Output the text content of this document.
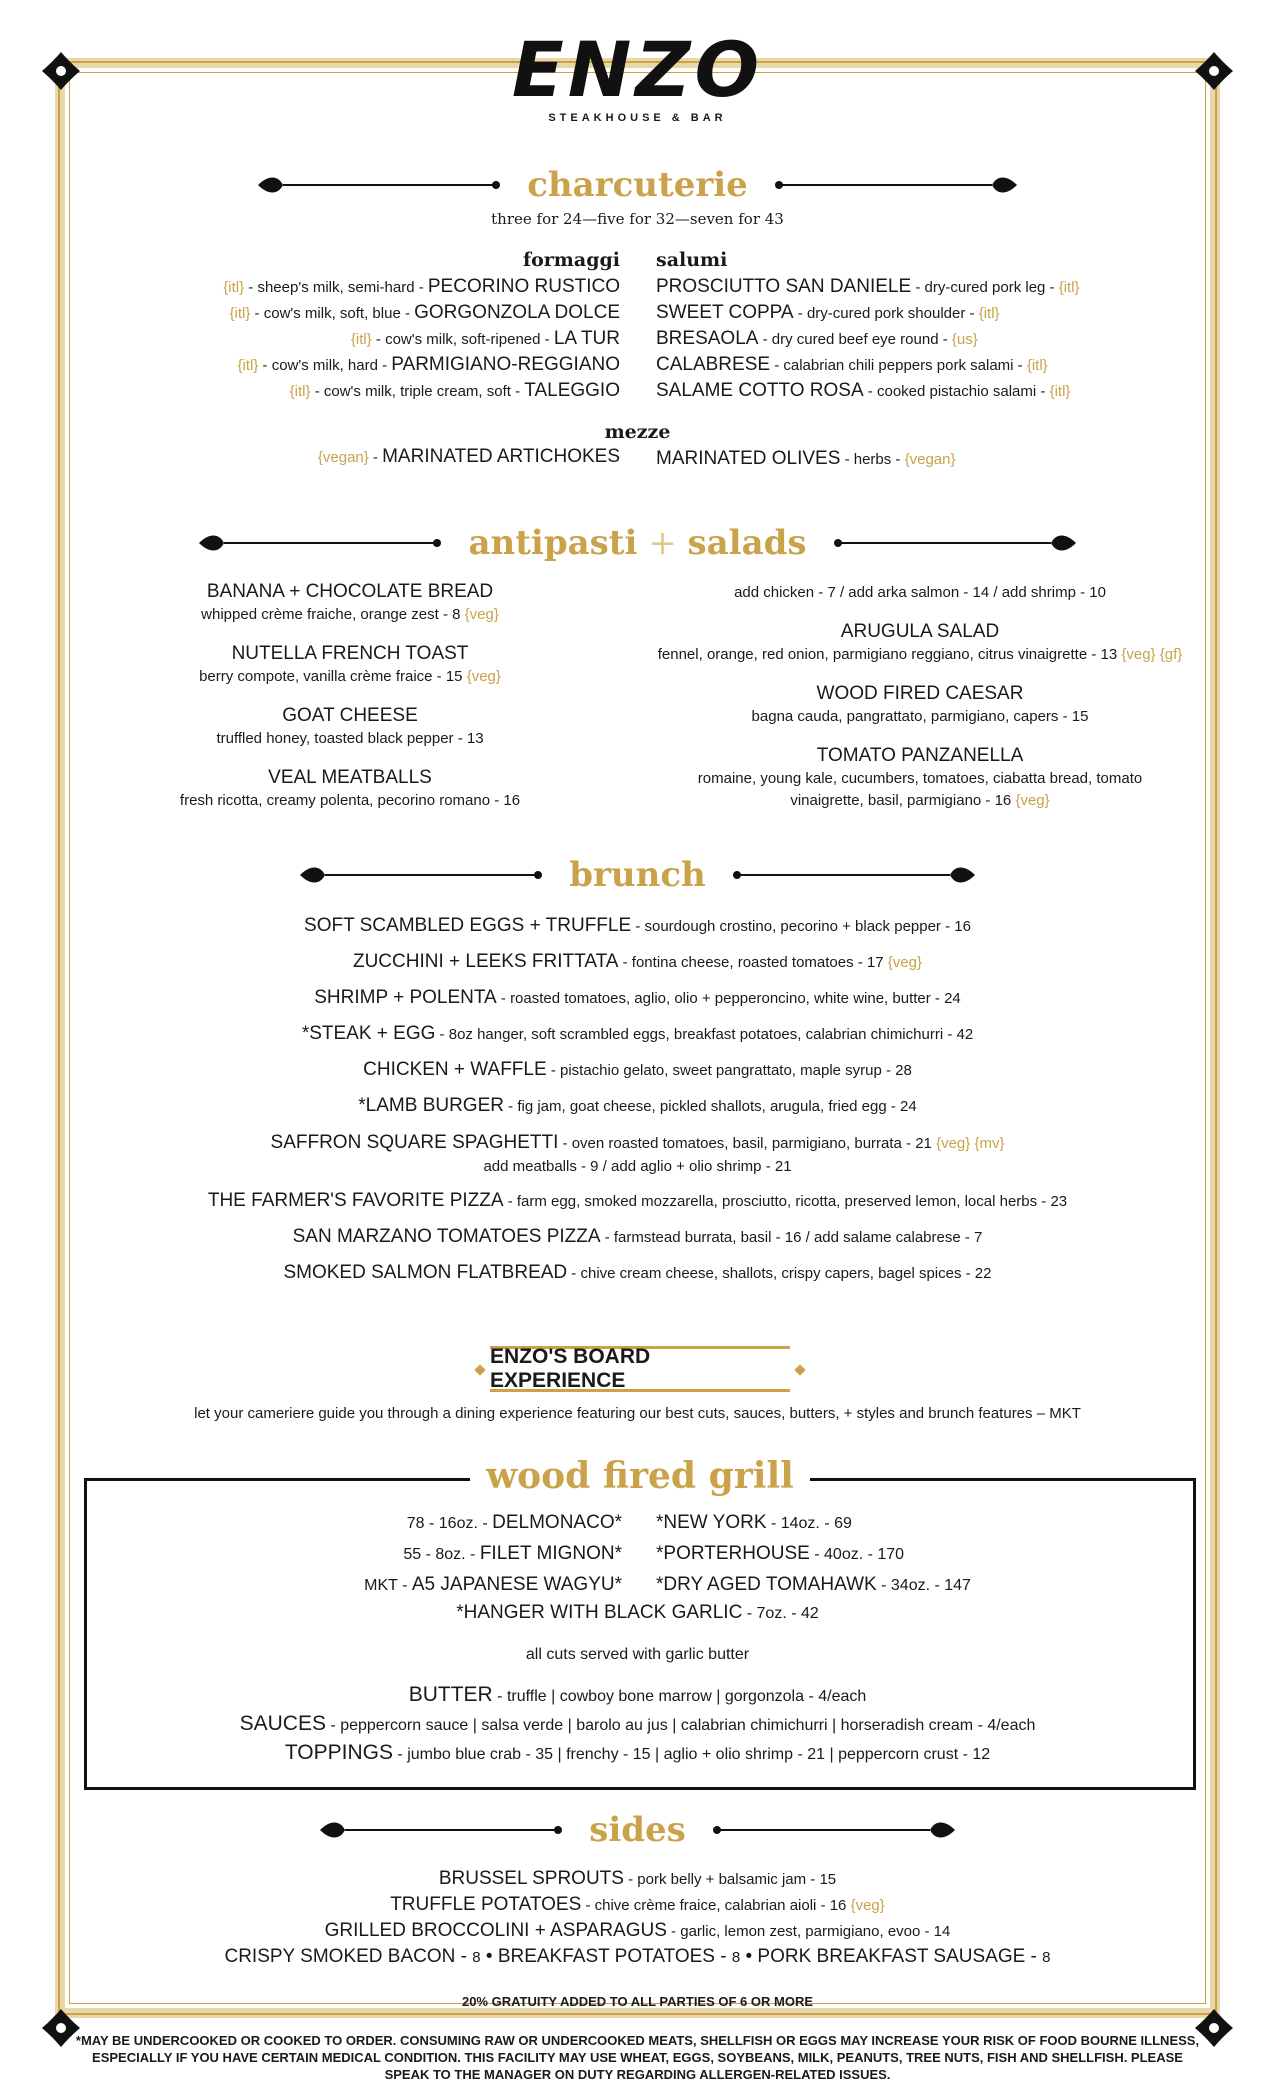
ENZO
STEAKHOUSE & BAR
charcuterie
three for 24—five for 32—seven for 43
formaggi
{itl} - sheep's milk, semi-hard - PECORINO RUSTICO
{itl} - cow's milk, soft, blue - GORGONZOLA DOLCE
{itl} - cow's milk, soft-ripened - LA TUR
{itl} - cow's milk, hard - PARMIGIANO-REGGIANO
{itl} - cow's milk, triple cream, soft - TALEGGIO
salumi
PROSCIUTTO SAN DANIELE - dry-cured pork leg - {itl}
SWEET COPPA - dry-cured pork shoulder - {itl}
BRESAOLA - dry cured beef eye round - {us}
CALABRESE - calabrian chili peppers pork salami - {itl}
SALAME COTTO ROSA - cooked pistachio salami - {itl}
mezze
{vegan} - MARINATED ARTICHOKES MARINATED OLIVES - herbs - {vegan}
antipasti + salads
BANANA + CHOCOLATE BREAD
whipped crème fraiche, orange zest - 8 {veg}
NUTELLA FRENCH TOAST
berry compote, vanilla crème fraice - 15 {veg}
GOAT CHEESE
truffled honey, toasted black pepper - 13
VEAL MEATBALLS
fresh ricotta, creamy polenta, pecorino romano - 16
add chicken - 7 / add arka salmon - 14 / add shrimp - 10
ARUGULA SALAD
fennel, orange, red onion, parmigiano reggiano, citrus vinaigrette - 13 {veg} {gf}
WOOD FIRED CAESAR
bagna cauda, pangrattato, parmigiano, capers - 15
TOMATO PANZANELLA
romaine, young kale, cucumbers, tomatoes, ciabatta bread, tomato
vinaigrette, basil, parmigiano - 16 {veg}
brunch
SOFT SCAMBLED EGGS + TRUFFLE - sourdough crostino, pecorino + black pepper - 16
ZUCCHINI + LEEKS FRITTATA - fontina cheese, roasted tomatoes - 17 {veg}
SHRIMP + POLENTA - roasted tomatoes, aglio, olio + pepperoncino, white wine, butter - 24
*STEAK + EGG - 8oz hanger, soft scrambled eggs, breakfast potatoes, calabrian chimichurri - 42
CHICKEN + WAFFLE - pistachio gelato, sweet pangrattato, maple syrup - 28
*LAMB BURGER - fig jam, goat cheese, pickled shallots, arugula, fried egg - 24
SAFFRON SQUARE SPAGHETTI - oven roasted tomatoes, basil, parmigiano, burrata - 21 {veg} {mv}
add meatballs - 9 / add aglio + olio shrimp - 21
THE FARMER'S FAVORITE PIZZA - farm egg, smoked mozzarella, prosciutto, ricotta, preserved lemon, local herbs - 23
SAN MARZANO TOMATOES PIZZA - farmstead burrata, basil - 16 / add salame calabrese - 7
SMOKED SALMON FLATBREAD - chive cream cheese, shallots, crispy capers, bagel spices - 22
ENZO'S BOARD EXPERIENCE
let your cameriere guide you through a dining experience featuring our best cuts, sauces, butters, + styles and brunch features – MKT
wood fired grill
78 - 16oz. - DELMONACO*
55 - 8oz. - FILET MIGNON*
MKT - A5 JAPANESE WAGYU*
*NEW YORK - 14oz. - 69
*PORTERHOUSE - 40oz. - 170
*DRY AGED TOMAHAWK - 34oz. - 147
*HANGER WITH BLACK GARLIC - 7oz. - 42
all cuts served with garlic butter
BUTTER - truffle | cowboy bone marrow | gorgonzola - 4/each
SAUCES - peppercorn sauce | salsa verde | barolo au jus | calabrian chimichurri | horseradish cream - 4/each
TOPPINGS - jumbo blue crab - 35 | frenchy - 15 | aglio + olio shrimp - 21 | peppercorn crust - 12
sides
BRUSSEL SPROUTS - pork belly + balsamic jam - 15
TRUFFLE POTATOES - chive crème fraice, calabrian aioli - 16 {veg}
GRILLED BROCCOLINI + ASPARAGUS - garlic, lemon zest, parmigiano, evoo - 14
CRISPY SMOKED BACON - 8 • BREAKFAST POTATOES - 8 • PORK BREAKFAST SAUSAGE - 8
20% GRATUITY ADDED TO ALL PARTIES OF 6 OR MORE
*MAY BE UNDERCOOKED OR COOKED TO ORDER. CONSUMING RAW OR UNDERCOOKED MEATS, SHELLFISH OR EGGS MAY INCREASE YOUR RISK OF FOOD BOURNE ILLNESS, ESPECIALLY IF YOU HAVE CERTAIN MEDICAL CONDITION. THIS FACILITY MAY USE WHEAT, EGGS, SOYBEANS, MILK, PEANUTS, TREE NUTS, FISH AND SHELLFISH. PLEASE SPEAK TO THE MANAGER ON DUTY REGARDING ALLERGEN-RELATED ISSUES.
